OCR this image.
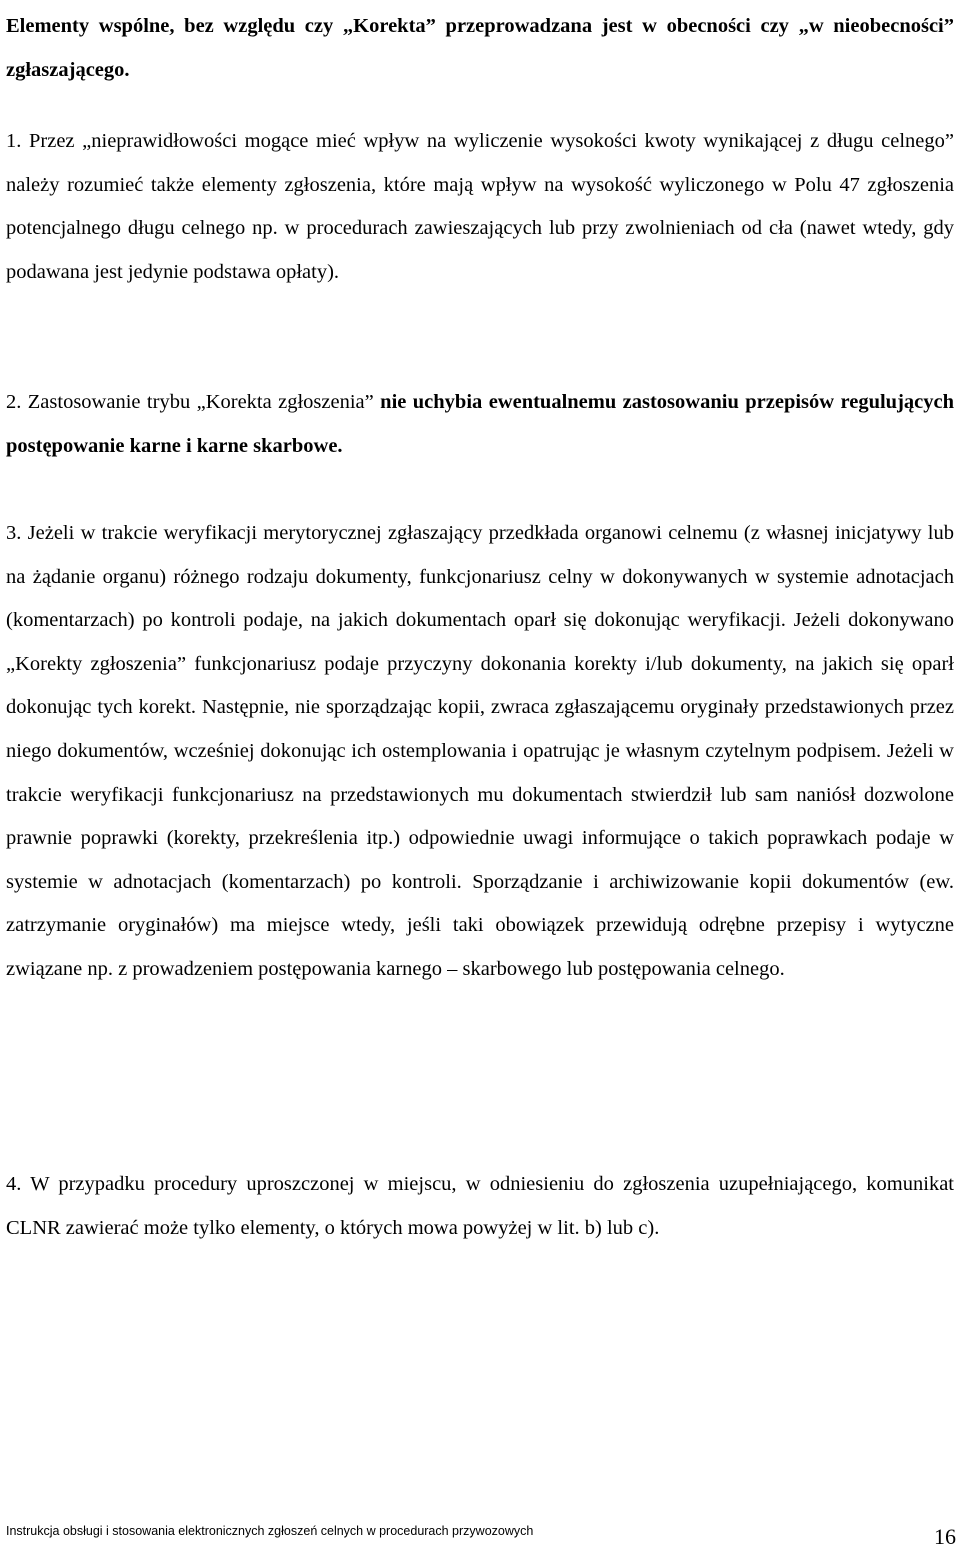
Elementy wspólne, bez względu czy „Korekta” przeprowadzana jest w obecności czy „w nieobecności” zgłaszającego.

1. Przez „nieprawidłowości mogące mieć wpływ na wyliczenie wysokości kwoty wynikającej z długu celnego” należy rozumieć także elementy zgłoszenia, które mają wpływ na wysokość wyliczonego w Polu 47 zgłoszenia potencjalnego długu celnego np. w procedurach zawieszających lub przy zwolnieniach od cła (nawet wtedy, gdy podawana jest jedynie podstawa opłaty).

2. Zastosowanie trybu „Korekta zgłoszenia” nie uchybia ewentualnemu zastosowaniu przepisów regulujących postępowanie karne i karne skarbowe.

3. Jeżeli w trakcie weryfikacji merytorycznej zgłaszający przedkłada organowi celnemu (z własnej inicjatywy lub na żądanie organu) różnego rodzaju dokumenty, funkcjonariusz celny w dokonywanych w systemie adnotacjach (komentarzach) po kontroli podaje, na jakich dokumentach oparł się dokonując weryfikacji. Jeżeli dokonywano „Korekty zgłoszenia” funkcjonariusz podaje przyczyny dokonania korekty i/lub dokumenty, na jakich się oparł dokonując tych korekt. Następnie, nie sporządzając kopii, zwraca zgłaszającemu oryginały przedstawionych przez niego dokumentów, wcześniej dokonując ich ostemplowania i opatrując je własnym czytelnym podpisem. Jeżeli w trakcie weryfikacji funkcjonariusz na przedstawionych mu dokumentach stwierdził lub sam naniósł dozwolone prawnie poprawki (korekty, przekreślenia itp.) odpowiednie uwagi informujące o takich poprawkach podaje w systemie w adnotacjach (komentarzach) po kontroli. Sporządzanie i archiwizowanie kopii dokumentów (ew. zatrzymanie oryginałów) ma miejsce wtedy, jeśli taki obowiązek przewidują odrębne przepisy i wytyczne związane np. z prowadzeniem postępowania karnego – skarbowego lub postępowania celnego.

4. W przypadku procedury uproszczonej w miejscu, w odniesieniu do zgłoszenia uzupełniającego, komunikat CLNR zawierać może tylko elementy, o których mowa powyżej w lit. b) lub c).

Instrukcja obsługi i stosowania elektronicznych zgłoszeń celnych w procedurach przywozowych	16
